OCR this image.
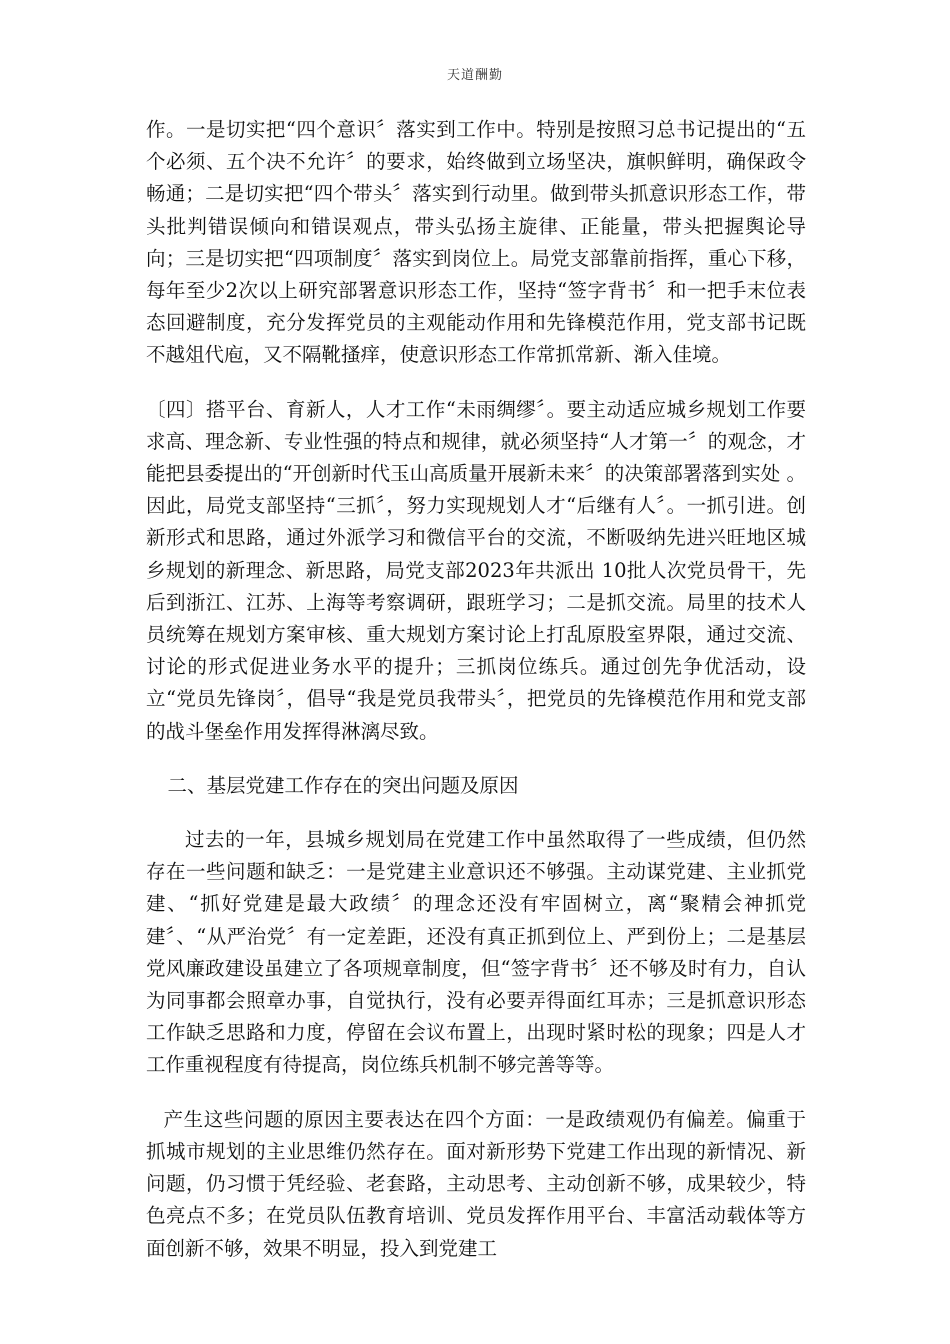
天道酬勤

作。一是切实把“四个意识〞落实到工作中。特别是按照习总书记提出的“五个必须、五个决不允许〞的要求，始终做到立场坚决，旗帜鲜明，确保政令畅通；二是切实把“四个带头〞落实到行动里。做到带头抓意识形态工作，带头批判错误倾向和错误观点，带头弘扬主旋律、正能量，带头把握舆论导向；三是切实把“四项制度〞落实到岗位上。局党支部靠前指挥，重心下移，每年至少2次以上研究部署意识形态工作，坚持“签字背书〞和一把手末位表态回避制度，充分发挥党员的主观能动作用和先锋模范作用，党支部书记既不越俎代庖，又不隔靴搔痒，使意识形态工作常抓常新、渐入佳境。

〔四〕搭平台、育新人，人才工作“未雨绸缪〞。要主动适应城乡规划工作要求高、理念新、专业性强的特点和规律，就必须坚持“人才第一〞的观念，才能把县委提出的“开创新时代玉山高质量开展新未来〞的决策部署落到实处 。因此，局党支部坚持“三抓〞，努力实现规划人才“后继有人〞。一抓引进。创新形式和思路，通过外派学习和微信平台的交流，不断吸纳先进兴旺地区城乡规划的新理念、新思路，局党支部2023年共派出 10批人次党员骨干，先后到浙江、江苏、上海等考察调研，跟班学习；二是抓交流。局里的技术人员统筹在规划方案审核、重大规划方案讨论上打乱原股室界限，通过交流、讨论的形式促进业务水平的提升；三抓岗位练兵。通过创先争优活动，设立“党员先锋岗〞，倡导“我是党员我带头〞，把党员的先锋模范作用和党支部的战斗堡垒作用发挥得淋漓尽致。

二、基层党建工作存在的突出问题及原因

过去的一年，县城乡规划局在党建工作中虽然取得了一些成绩，但仍然存在一些问题和缺乏：一是党建主业意识还不够强。主动谋党建、主业抓党建、“抓好党建是最大政绩〞的理念还没有牢固树立，离“聚精会神抓党建〞、“从严治党〞有一定差距，还没有真正抓到位上、严到份上；二是基层党风廉政建设虽建立了各项规章制度，但“签字背书〞还不够及时有力，自认为同事都会照章办事，自觉执行，没有必要弄得面红耳赤；三是抓意识形态工作缺乏思路和力度，停留在会议布置上，出现时紧时松的现象；四是人才工作重视程度有待提高，岗位练兵机制不够完善等等。

产生这些问题的原因主要表达在四个方面：一是政绩观仍有偏差。偏重于抓城市规划的主业思维仍然存在。面对新形势下党建工作出现的新情况、新问题，仍习惯于凭经验、老套路，主动思考、主动创新不够，成果较少，特色亮点不多；在党员队伍教育培训、党员发挥作用平台、丰富活动载体等方面创新不够，效果不明显，投入到党建工
